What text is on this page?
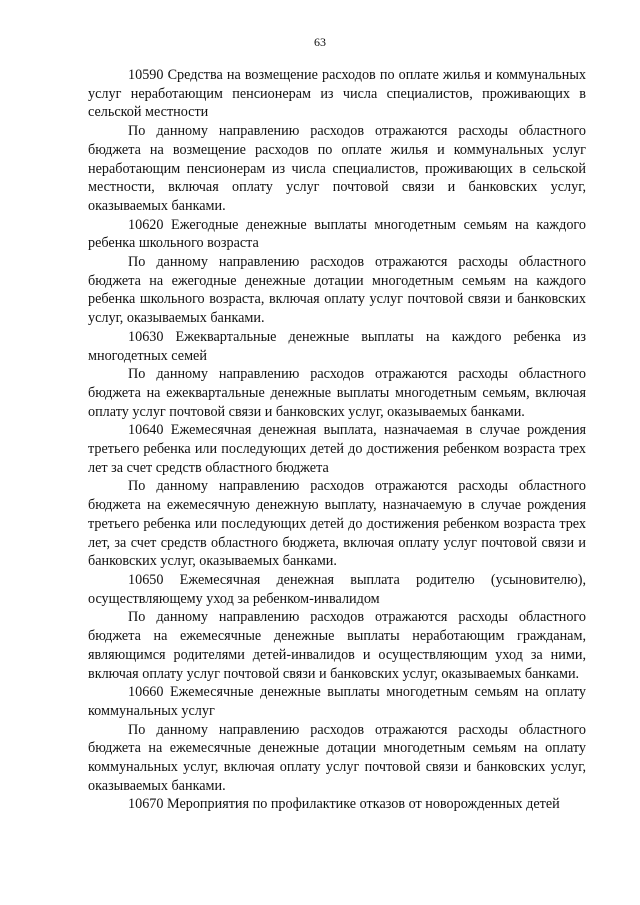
63

10590 Средства на возмещение расходов по оплате жилья и коммунальных услуг неработающим пенсионерам из числа специалистов, проживающих в сельской местности

По данному направлению расходов отражаются расходы областного бюджета на возмещение расходов по оплате жилья и коммунальных услуг неработающим пенсионерам из числа специалистов, проживающих в сельской местности, включая оплату услуг почтовой связи и банковских услуг, оказываемых банками.

10620 Ежегодные денежные выплаты многодетным семьям на каждого ребенка школьного возраста

По данному направлению расходов отражаются расходы областного бюджета на ежегодные денежные дотации многодетным семьям на каждого ребенка школьного возраста, включая оплату услуг почтовой связи и банковских услуг, оказываемых банками.

10630 Ежеквартальные денежные выплаты на каждого ребенка из многодетных семей

По данному направлению расходов отражаются расходы областного бюджета на ежеквартальные денежные выплаты многодетным семьям, включая оплату услуг почтовой связи и банковских услуг, оказываемых банками.

10640 Ежемесячная денежная выплата, назначаемая в случае рождения третьего ребенка или последующих детей до достижения ребенком возраста трех лет за счет средств областного бюджета

По данному направлению расходов отражаются расходы областного бюджета на ежемесячную денежную выплату, назначаемую в случае рождения третьего ребенка или последующих детей до достижения ребенком возраста трех лет, за счет средств областного бюджета, включая оплату услуг почтовой связи и банковских услуг, оказываемых банками.

10650 Ежемесячная денежная выплата родителю (усыновителю), осуществляющему уход за ребенком-инвалидом

По данному направлению расходов отражаются расходы областного бюджета на ежемесячные денежные выплаты неработающим гражданам, являющимся родителями детей-инвалидов и осуществляющим уход за ними, включая оплату услуг почтовой связи и банковских услуг, оказываемых банками.

10660 Ежемесячные денежные выплаты многодетным семьям на оплату коммунальных услуг

По данному направлению расходов отражаются расходы областного бюджета на ежемесячные денежные дотации многодетным семьям на оплату коммунальных услуг, включая оплату услуг почтовой связи и банковских услуг, оказываемых банками.

10670 Мероприятия по профилактике отказов от новорожденных детей
